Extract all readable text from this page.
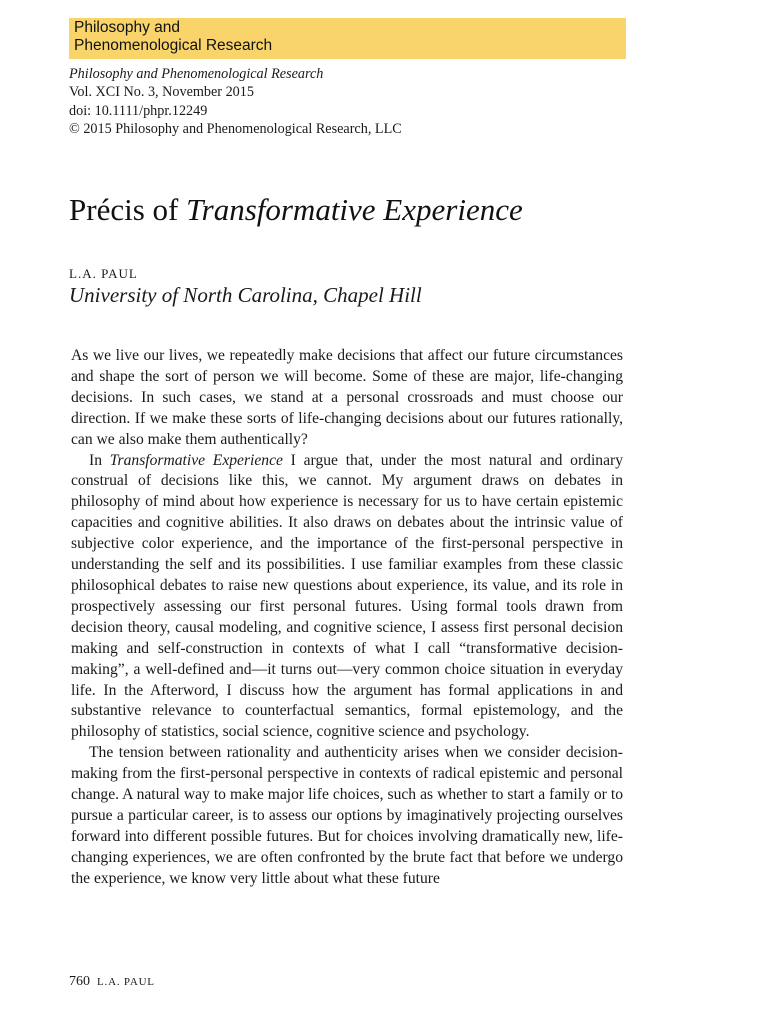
Philosophy and
Phenomenological Research
Philosophy and Phenomenological Research
Vol. XCI No. 3, November 2015
doi: 10.1111/phpr.12249
© 2015 Philosophy and Phenomenological Research, LLC
Précis of Transformative Experience
L.A. PAUL
University of North Carolina, Chapel Hill

As we live our lives, we repeatedly make decisions that affect our future circumstances and shape the sort of person we will become. Some of these are major, life-changing decisions. In such cases, we stand at a personal crossroads and must choose our direction. If we make these sorts of life-changing decisions about our futures rationally, can we also make them authentically?

In Transformative Experience I argue that, under the most natural and ordinary construal of decisions like this, we cannot. My argument draws on debates in philosophy of mind about how experience is necessary for us to have certain epistemic capacities and cognitive abilities. It also draws on debates about the intrinsic value of subjective color experience, and the importance of the first-personal perspective in understanding the self and its possibilities. I use familiar examples from these classic philosophical debates to raise new questions about experience, its value, and its role in prospectively assessing our first personal futures. Using formal tools drawn from decision theory, causal modeling, and cognitive science, I assess first personal decision making and self-construction in contexts of what I call “transformative decision-making”, a well-defined and—it turns out—very common choice situation in everyday life. In the Afterword, I discuss how the argument has formal applications in and substantive relevance to counterfactual semantics, formal epistemology, and the philosophy of statistics, social science, cognitive science and psychology.

The tension between rationality and authenticity arises when we consider decision-making from the first-personal perspective in contexts of radical epistemic and personal change. A natural way to make major life choices, such as whether to start a family or to pursue a particular career, is to assess our options by imaginatively projecting ourselves forward into different possible futures. But for choices involving dramatically new, life-changing experiences, we are often confronted by the brute fact that before we undergo the experience, we know very little about what these future

760 L.A. PAUL
